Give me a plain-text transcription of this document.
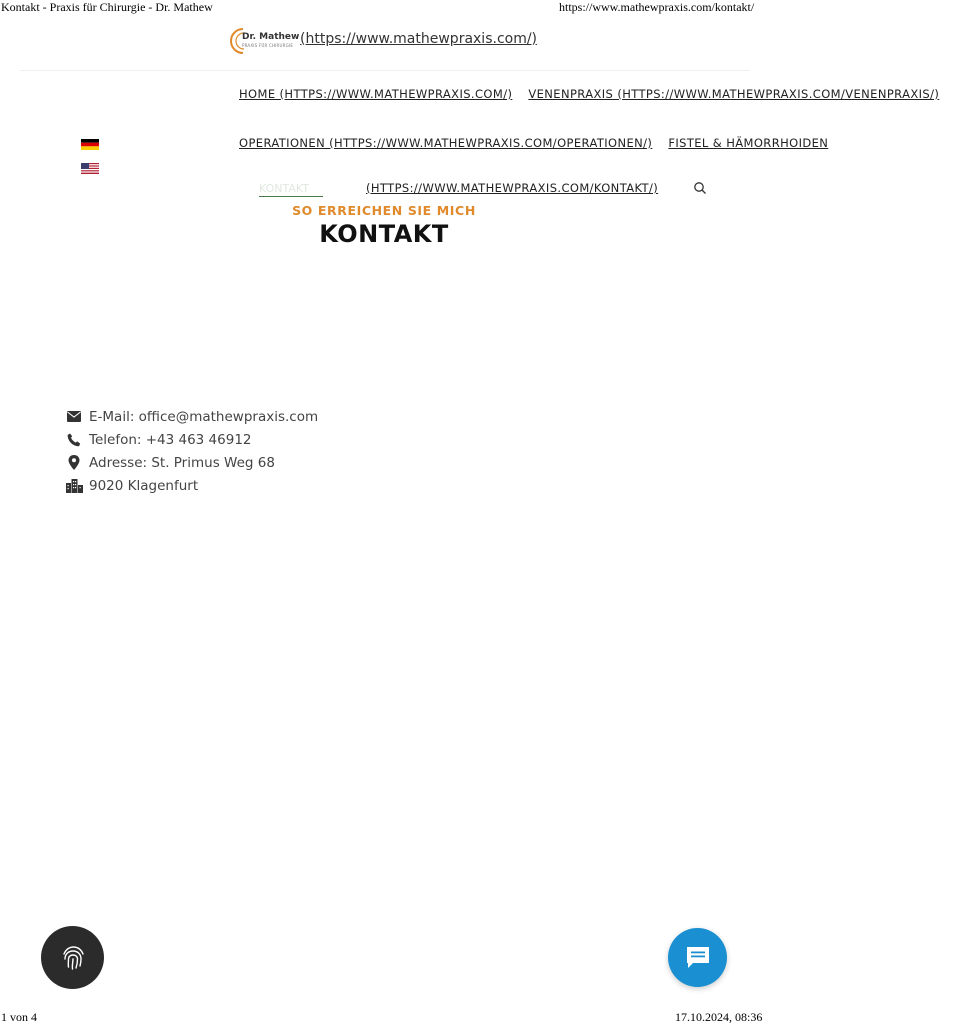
Kontakt - Praxis für Chirurgie - Dr. Mathew	https://www.mathewpraxis.com/kontakt/
Dr. Mathew
PRAXIS FÜR CHIRURGIE (https://www.mathewpraxis.com/)
HOME (HTTPS://WWW.MATHEWPRAXIS.COM/) VENENPRAXIS (HTTPS://WWW.MATHEWPRAXIS.COM/VENENPRAXIS/)
OPERATIONEN (HTTPS://WWW.MATHEWPRAXIS.COM/OPERATIONEN/) FISTEL & HÄMORRHOIDEN
KONTAKT	(HTTPS://WWW.MATHEWPRAXIS.COM/KONTAKT/)
SO ERREICHEN SIE MICH
KONTAKT
E-Mail: office@mathewpraxis.com
Telefon: +43 463 46912
Adresse: St. Primus Weg 68
9020 Klagenfurt
1 von 4	17.10.2024, 08:36
